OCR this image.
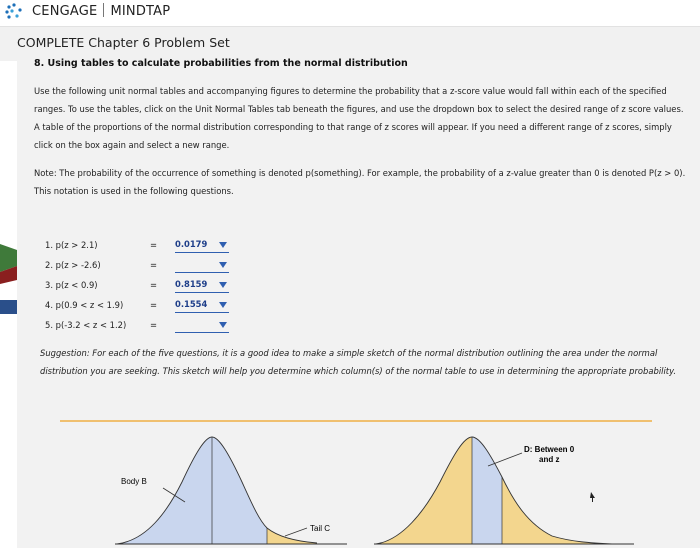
CENGAGE MINDTAP
COMPLETE Chapter 6 Problem Set
8. Using tables to calculate probabilities from the normal distribution
Use the following unit normal tables and accompanying figures to determine the probability that a z-score value would fall within each of the specified ranges. To use the tables, click on the Unit Normal Tables tab beneath the figures, and use the dropdown box to select the desired range of z score values. A table of the proportions of the normal distribution corresponding to that range of z scores will appear. If you need a different range of z scores, simply click on the box again and select a new range.
Note: The probability of the occurrence of something is denoted p(something). For example, the probability of a z-value greater than 0 is denoted P(z > 0). This notation is used in the following questions.
1. p(z > 2.1)	= 0.0179
2. p(z > -2.6)	=
3. p(z < 0.9)	= 0.8159
4. p(0.9 < z < 1.9)	= 0.1554
5. p(-3.2 < z < 1.2)	=
Suggestion: For each of the five questions, it is a good idea to make a simple sketch of the normal distribution outlining the area under the normal distribution you are seeking. This sketch will help you determine which column(s) of the normal table to use in determining the appropriate probability.
Body B
Tail C
D: Between 0
and z
